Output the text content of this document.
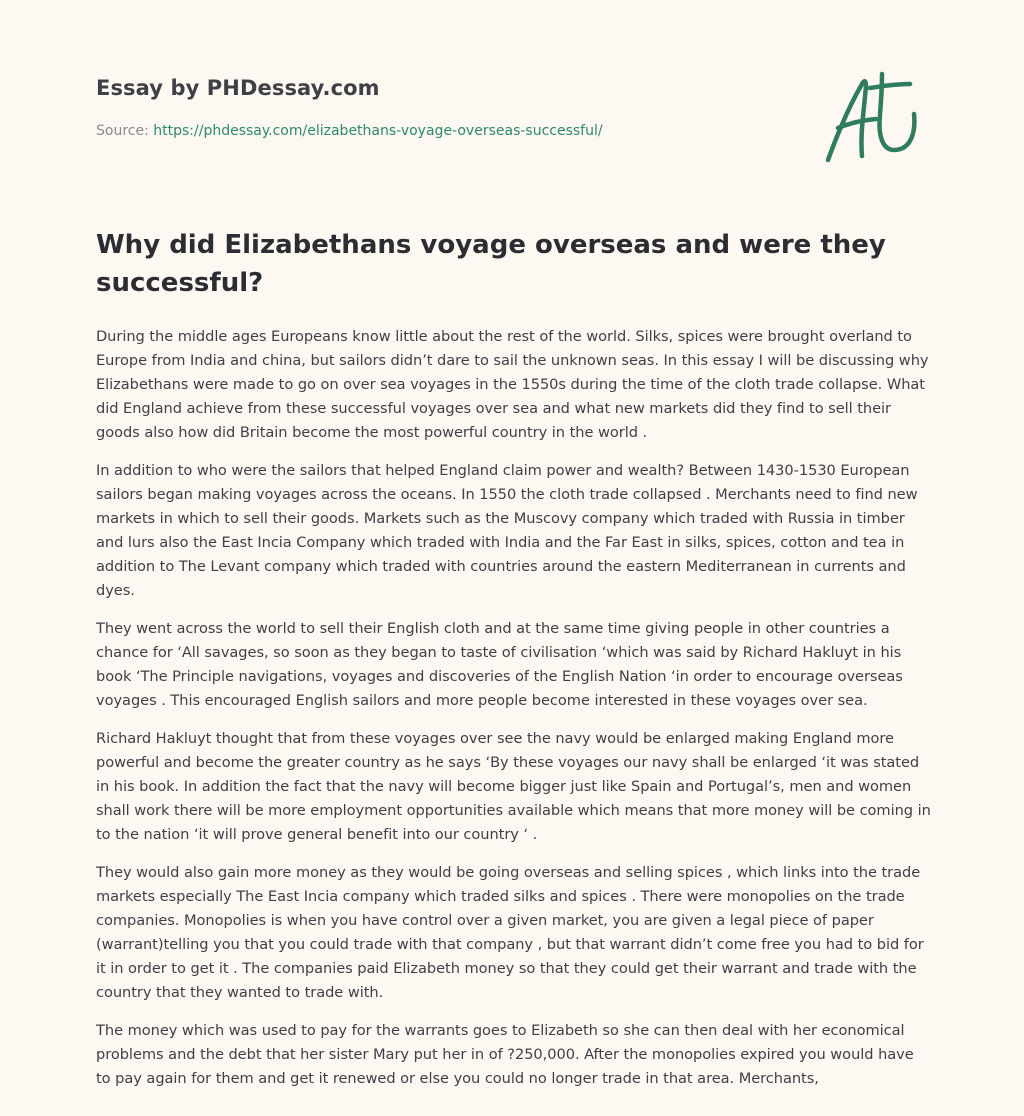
Essay by PHDessay.com

Source: https://phdessay.com/elizabethans-voyage-overseas-successful/
Why did Elizabethans voyage overseas and were they successful?

During the middle ages Europeans know little about the rest of the world. Silks, spices were brought overland to Europe from India and china, but sailors didn’t dare to sail the unknown seas. In this essay I will be discussing why Elizabethans were made to go on over sea voyages in the 1550s during the time of the cloth trade collapse. What did England achieve from these successful voyages over sea and what new markets did they find to sell their goods also how did Britain become the most powerful country in the world .

In addition to who were the sailors that helped England claim power and wealth? Between 1430-1530 European sailors began making voyages across the oceans. In 1550 the cloth trade collapsed . Merchants need to find new markets in which to sell their goods. Markets such as the Muscovy company which traded with Russia in timber and lurs also the East Incia Company which traded with India and the Far East in silks, spices, cotton and tea in addition to The Levant company which traded with countries around the eastern Mediterranean in currents and dyes.

They went across the world to sell their English cloth and at the same time giving people in other countries a chance for ‘All savages, so soon as they began to taste of civilisation ‘which was said by Richard Hakluyt in his book ‘The Principle navigations, voyages and discoveries of the English Nation ‘in order to encourage overseas voyages . This encouraged English sailors and more people become interested in these voyages over sea.

Richard Hakluyt thought that from these voyages over see the navy would be enlarged making England more powerful and become the greater country as he says ‘By these voyages our navy shall be enlarged ‘it was stated in his book. In addition the fact that the navy will become bigger just like Spain and Portugal’s, men and women shall work there will be more employment opportunities available which means that more money will be coming in to the nation ‘it will prove general benefit into our country ‘ .

They would also gain more money as they would be going overseas and selling spices , which links into the trade markets especially The East Incia company which traded silks and spices . There were monopolies on the trade companies. Monopolies is when you have control over a given market, you are given a legal piece of paper (warrant)telling you that you could trade with that company , but that warrant didn’t come free you had to bid for it in order to get it . The companies paid Elizabeth money so that they could get their warrant and trade with the country that they wanted to trade with.

The money which was used to pay for the warrants goes to Elizabeth so she can then deal with her economical problems and the debt that her sister Mary put her in of ?250,000. After the monopolies expired you would have to pay again for them and get it renewed or else you could no longer trade in that area. Merchants,
